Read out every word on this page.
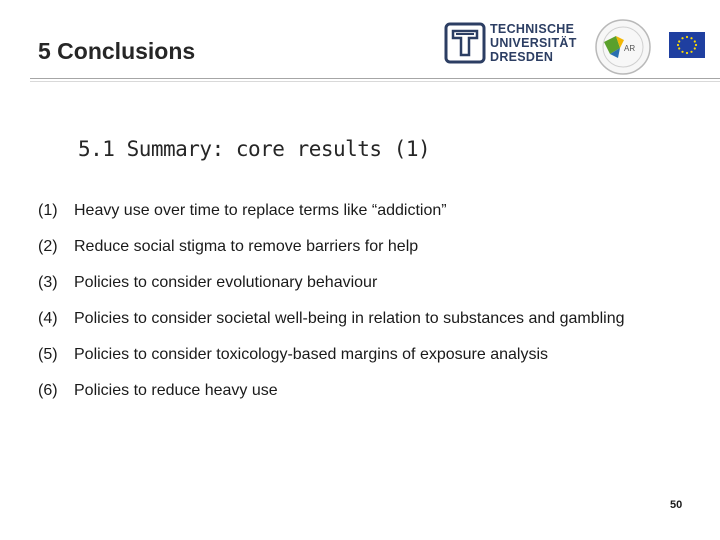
5 Conclusions
TECHNISCHE
UNIVERSITÄT
DRESDEN
AR
5.1 Summary: core results (1)
(1) Heavy use over time to replace terms like “addiction”
(2) Reduce social stigma to remove barriers for help
(3) Policies to consider evolutionary behaviour
(4) Policies to consider societal well-being in relation to substances and gambling
(5) Policies to consider toxicology-based margins of exposure analysis
(6) Policies to reduce heavy use
50
